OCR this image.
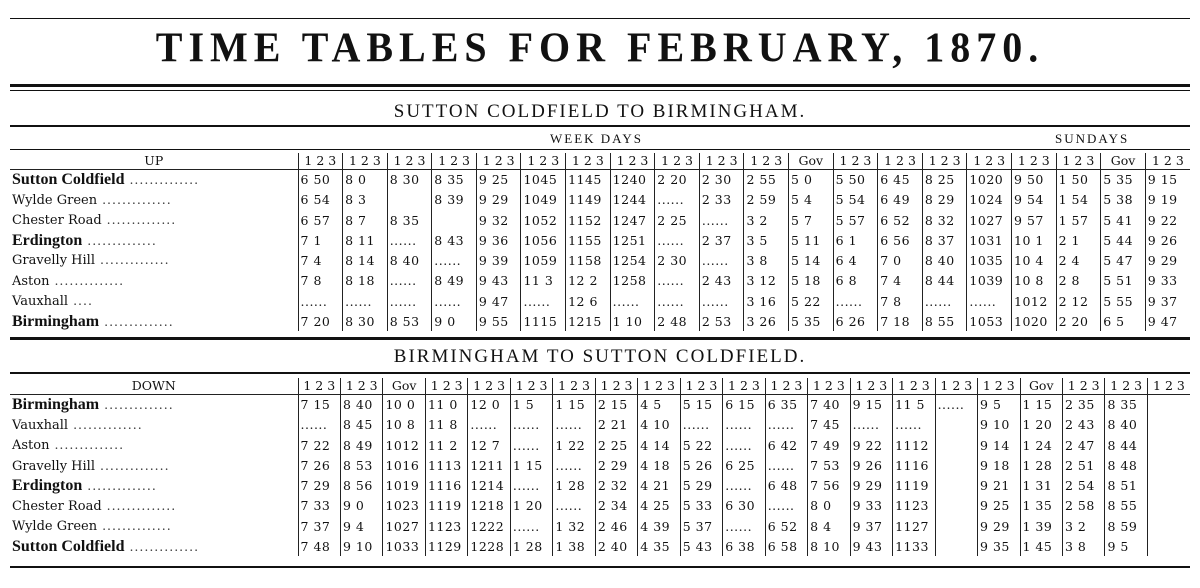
TIME TABLES FOR FEBRUARY, 1870.
SUTTON COLDFIELD TO BIRMINGHAM.
WEEK DAYS	SUNDAYS
UP	1 2 3	1 2 3	1 2 3	1 2 3	1 2 3	1 2 3	1 2 3	1 2 3	1 2 3	1 2 3	1 2 3	Gov	1 2 3	1 2 3	1 2 3	1 2 3	1 2 3	1 2 3	Gov	1 2 3
Sutton Coldfield ..............	6 50	8 0	8 30	8 35	9 25	1045	1145	1240	2 20	2 30	2 55	5 0	5 50	6 45	8 25	1020	9 50	1 50	5 35	9 15
Wylde Green ..............	6 54	8 3		8 39	9 29	1049	1149	1244	......	2 33	2 59	5 4	5 54	6 49	8 29	1024	9 54	1 54	5 38	9 19
Chester Road ..............	6 57	8 7	8 35		9 32	1052	1152	1247	2 25	......	3 2	5 7	5 57	6 52	8 32	1027	9 57	1 57	5 41	9 22
Erdington ..............	7 1	8 11	......	8 43	9 36	1056	1155	1251	......	2 37	3 5	5 11	6 1	6 56	8 37	1031	10 1	2 1	5 44	9 26
Gravelly Hill ..............	7 4	8 14	8 40	......	9 39	1059	1158	1254	2 30	......	3 8	5 14	6 4	7 0	8 40	1035	10 4	2 4	5 47	9 29
Aston ..............	7 8	8 18	......	8 49	9 43	11 3	12 2	1258	......	2 43	3 12	5 18	6 8	7 4	8 44	1039	10 8	2 8	5 51	9 33
Vauxhall ....	......	......	......	......	9 47	......	12 6	......	......	......	3 16	5 22	......	7 8	......	......	1012	2 12	5 55	9 37
Birmingham ..............	7 20	8 30	8 53	9 0	9 55	1115	1215	1 10	2 48	2 53	3 26	5 35	6 26	7 18	8 55	1053	1020	2 20	6 5	9 47
BIRMINGHAM TO SUTTON COLDFIELD.
DOWN	1 2 3	1 2 3	Gov	1 2 3	1 2 3	1 2 3	1 2 3	1 2 3	1 2 3	1 2 3	1 2 3	1 2 3	1 2 3	1 2 3	1 2 3	1 2 3	1 2 3	Gov	1 2 3	1 2 3	1 2 3
Birmingham ..............	7 15	8 40	10 0	11 0	12 0	1 5	1 15	2 15	4 5	5 15	6 15	6 35	7 40	9 15	11 5	......	9 5	1 15	2 35	8 35	
Vauxhall ..............	......	8 45	10 8	11 8	......	......	......	2 21	4 10	......	......	......	7 45	......	......		9 10	1 20	2 43	8 40	
Aston ..............	7 22	8 49	1012	11 2	12 7	......	1 22	2 25	4 14	5 22	......	6 42	7 49	9 22	1112		9 14	1 24	2 47	8 44	
Gravelly Hill ..............	7 26	8 53	1016	1113	1211	1 15	......	2 29	4 18	5 26	6 25	......	7 53	9 26	1116		9 18	1 28	2 51	8 48	
Erdington ..............	7 29	8 56	1019	1116	1214	......	1 28	2 32	4 21	5 29	......	6 48	7 56	9 29	1119		9 21	1 31	2 54	8 51	
Chester Road ..............	7 33	9 0	1023	1119	1218	1 20	......	2 34	4 25	5 33	6 30	......	8 0	9 33	1123		9 25	1 35	2 58	8 55	
Wylde Green ..............	7 37	9 4	1027	1123	1222	......	1 32	2 46	4 39	5 37	......	6 52	8 4	9 37	1127		9 29	1 39	3 2	8 59	
Sutton Coldfield ..............	7 48	9 10	1033	1129	1228	1 28	1 38	2 40	4 35	5 43	6 38	6 58	8 10	9 43	1133		9 35	1 45	3 8	9 5	
